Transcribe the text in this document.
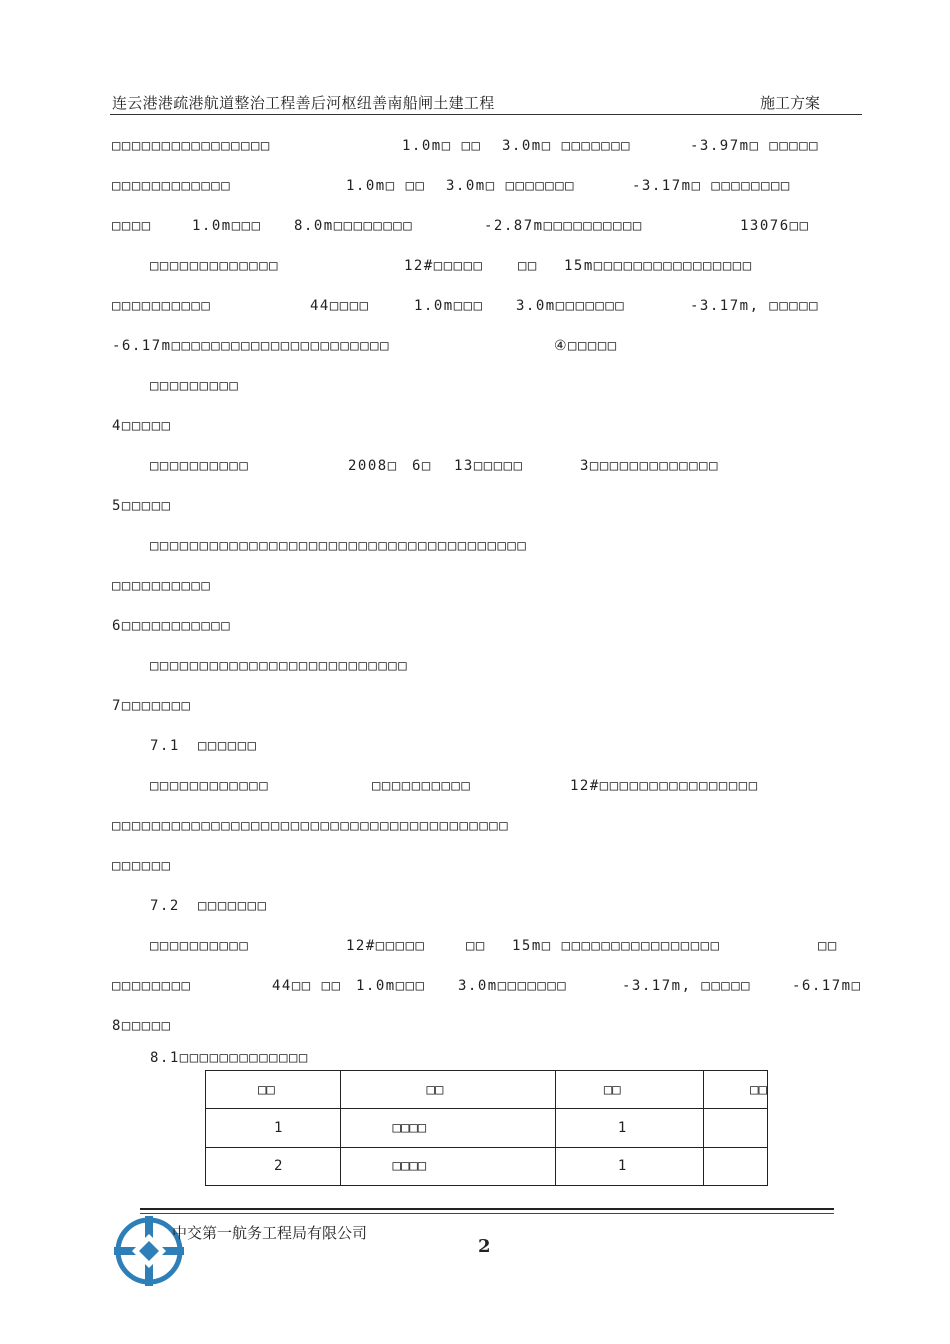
连云港港疏港航道整治工程善后河枢纽善南船闸土建工程	施工方案
□□□□□□□□□□□□□□□□	1.0m□ □□ 3.0m□ □□□□□□□	-3.97m□ □□□□□
□□□□□□□□□□□□	1.0m□ □□ 3.0m□ □□□□□□□	-3.17m□ □□□□□□□□
□□□□	1.0m□□□ 8.0m□□□□□□□□	-2.87m□□□□□□□□□□	13076□□
□□□□□□□□□□□□□	12#□□□□□ □□ 15m□□□□□□□□□□□□□□□□
□□□□□□□□□□	44□□□□	1.0m□□□ 3.0m□□□□□□□	-3.17m, □□□□□
-6.17m□□□□□□□□□□□□□□□□□□□□□□	④□□□□□
□□□□□□□□□
4□□□□□
□□□□□□□□□□	2008□ 6□ 13□□□□□	3□□□□□□□□□□□□□
5□□□□□
□□□□□□□□□□□□□□□□□□□□□□□□□□□□□□□□□□□□□□
□□□□□□□□□□
6□□□□□□□□□□□
□□□□□□□□□□□□□□□□□□□□□□□□□□
7□□□□□□□
7.1 □□□□□□
□□□□□□□□□□□□	□□□□□□□□□□	12#□□□□□□□□□□□□□□□□
□□□□□□□□□□□□□□□□□□□□□□□□□□□□□□□□□□□□□□□□
□□□□□□
7.2 □□□□□□□
□□□□□□□□□□	12#□□□□□	□□ 15m□ □□□□□□□□□□□□□□□□	□□
□□□□□□□□	44□□ □□ 1.0m□□□ 3.0m□□□□□□□	-3.17m, □□□□□	-6.17m□
8□□□□□
8.1□□□□□□□□□□□□□
□□	□□	□□	□□
1	□□□□	1	
2	□□□□	1	
中交第一航务工程局有限公司
2
